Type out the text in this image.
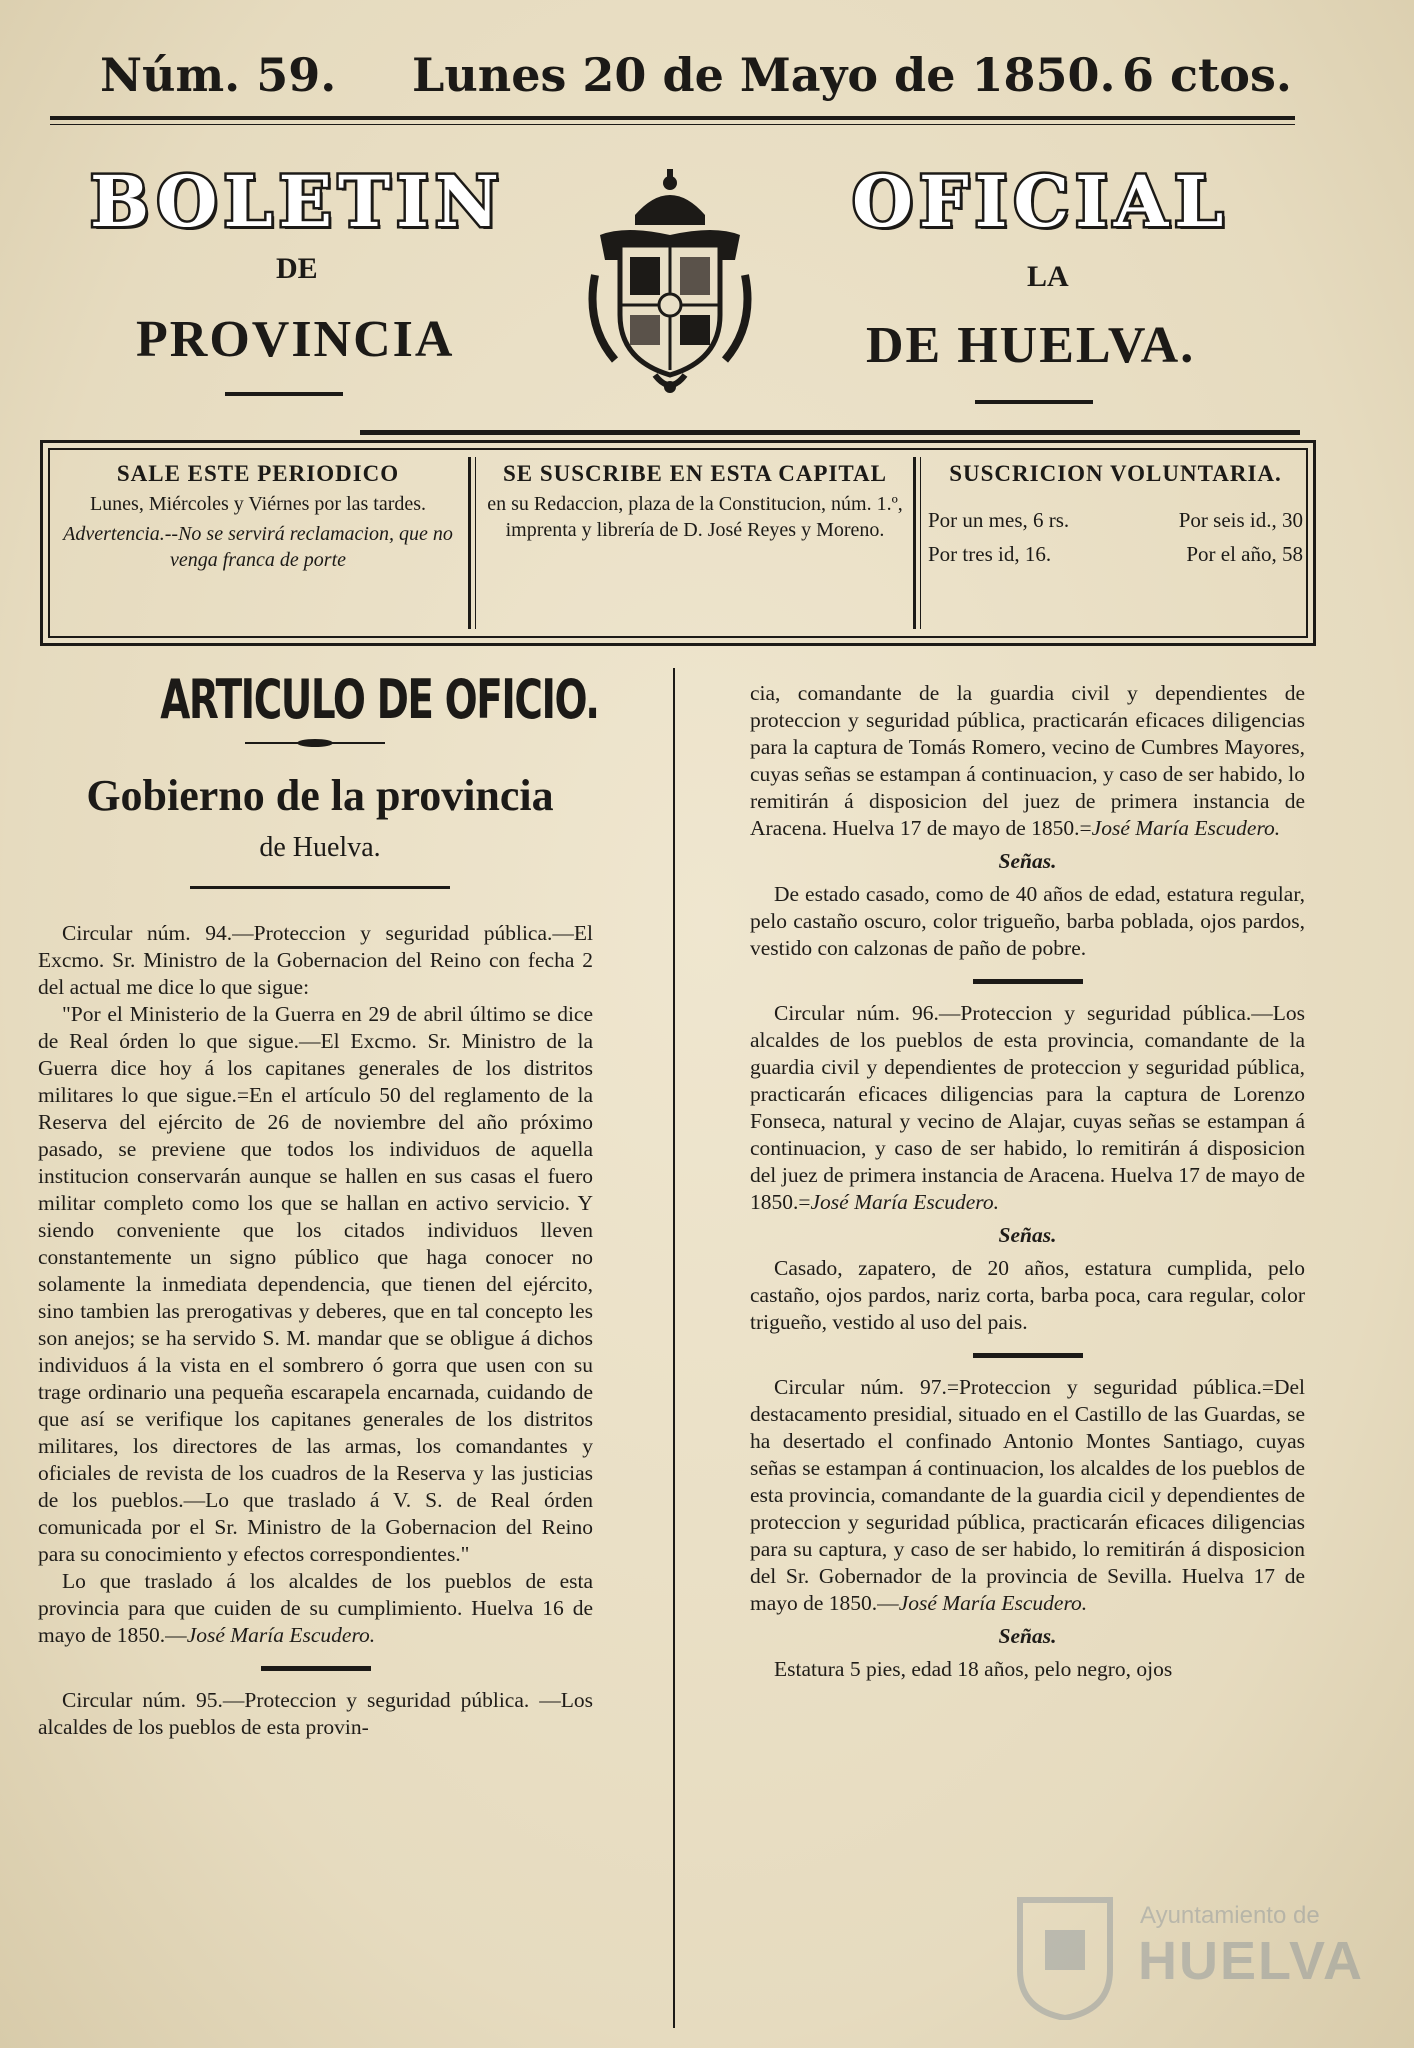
Núm. 59. Lunes 20 de Mayo de 1850. 6 ctos.
BOLETIN
DE
PROVINCIA
OFICIAL
LA
DE HUELVA.
SALE ESTE PERIODICO

Lunes, Miércoles y Viérnes por las tardes.

Advertencia.--No se servirá reclamacion, que no venga franca de porte

SE SUSCRIBE EN ESTA CAPITAL

en su Redaccion, plaza de la Constitucion, núm. 1.º, imprenta y librería de D. José Reyes y Moreno.

SUSCRICION VOLUNTARIA.
Por un mes, 6 rs.	Por seis id., 30
Por tres id, 16.	Por el año, 58
ARTICULO DE OFICIO.
Gobierno de la provincia
de Huelva.

Circular núm. 94.—Proteccion y seguridad pública.—El Excmo. Sr. Ministro de la Gobernacion del Reino con fecha 2 del actual me dice lo que sigue:

"Por el Ministerio de la Guerra en 29 de abril último se dice de Real órden lo que sigue.—El Excmo. Sr. Ministro de la Guerra dice hoy á los capitanes generales de los distritos militares lo que sigue.=En el artículo 50 del reglamento de la Reserva del ejército de 26 de noviembre del año próximo pasado, se previene que todos los individuos de aquella institucion conservarán aunque se hallen en sus casas el fuero militar completo como los que se hallan en activo servicio. Y siendo conveniente que los citados individuos lleven constantemente un signo público que haga conocer no solamente la inmediata dependencia, que tienen del ejército, sino tambien las prerogativas y deberes, que en tal concepto les son anejos; se ha servido S. M. mandar que se obligue á dichos individuos á la vista en el sombrero ó gorra que usen con su trage ordinario una pequeña escarapela encarnada, cuidando de que así se verifique los capitanes generales de los distritos militares, los directores de las armas, los comandantes y oficiales de revista de los cuadros de la Reserva y las justicias de los pueblos.—Lo que traslado á V. S. de Real órden comunicada por el Sr. Ministro de la Gobernacion del Reino para su conocimiento y efectos correspondientes."

Lo que traslado á los alcaldes de los pueblos de esta provincia para que cuiden de su cumplimiento. Huelva 16 de mayo de 1850.—José María Escudero.

Circular núm. 95.—Proteccion y seguridad pública. —Los alcaldes de los pueblos de esta provin-

cia, comandante de la guardia civil y dependientes de proteccion y seguridad pública, practicarán eficaces diligencias para la captura de Tomás Romero, vecino de Cumbres Mayores, cuyas señas se estampan á continuacion, y caso de ser habido, lo remitirán á disposicion del juez de primera instancia de Aracena. Huelva 17 de mayo de 1850.=José María Escudero.

Señas.

De estado casado, como de 40 años de edad, estatura regular, pelo castaño oscuro, color trigueño, barba poblada, ojos pardos, vestido con calzonas de paño de pobre.

Circular núm. 96.—Proteccion y seguridad pública.—Los alcaldes de los pueblos de esta provincia, comandante de la guardia civil y dependientes de proteccion y seguridad pública, practicarán eficaces diligencias para la captura de Lorenzo Fonseca, natural y vecino de Alajar, cuyas señas se estampan á continuacion, y caso de ser habido, lo remitirán á disposicion del juez de primera instancia de Aracena. Huelva 17 de mayo de 1850.=José María Escudero.

Señas.

Casado, zapatero, de 20 años, estatura cumplida, pelo castaño, ojos pardos, nariz corta, barba poca, cara regular, color trigueño, vestido al uso del pais.

Circular núm. 97.=Proteccion y seguridad pública.=Del destacamento presidial, situado en el Castillo de las Guardas, se ha desertado el confinado Antonio Montes Santiago, cuyas señas se estampan á continuacion, los alcaldes de los pueblos de esta provincia, comandante de la guardia cicil y dependientes de proteccion y seguridad pública, practicarán eficaces diligencias para su captura, y caso de ser habido, lo remitirán á disposicion del Sr. Gobernador de la provincia de Sevilla. Huelva 17 de mayo de 1850.—José María Escudero.

Señas.

Estatura 5 pies, edad 18 años, pelo negro, ojos

Ayuntamiento de
HUELVA
